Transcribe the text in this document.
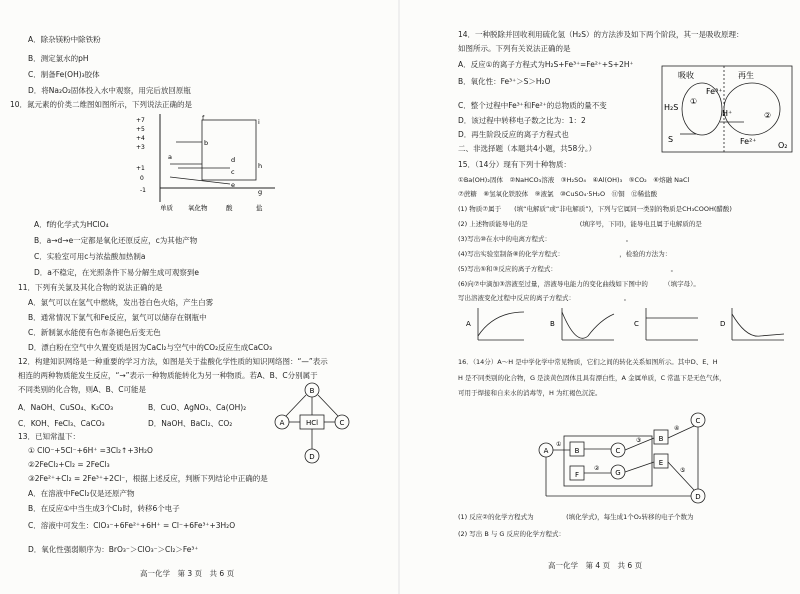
A．除杂镁粉中除铁粉
B．测定氯水的pH
C．制备Fe(OH)₃胶体
D．将Na₂O₂固体投入水中观察，用完后放回原瓶
10．氮元素的价类二维图如图所示，下列说法正确的是
+7
+5
+4
+3
+1
0
-1
f
b
a	d
c
e
h
i
g
单质 氧化物	酸	盐
A．f的化学式为HClO₄
B．a→d→e一定都是氧化还原反应，c为其他产物
C．实验室可用c与浓盐酸加热制a
D．a不稳定，在光照条件下易分解生成可观察到e
11．下列有关氯及其化合物的说法正确的是
A．氯气可以在氢气中燃烧，发出苍白色火焰，产生白雾
B．通常情况下氯气和Fe反应，氯气可以储存在钢瓶中
C．新制氯水能使有色布条褪色后变无色
D．漂白粉在空气中久置变质是因为CaCl₂与空气中的CO₂反应生成CaCO₃
12．构建知识网络是一种重要的学习方法，如图是关于盐酸化学性质的知识网络图：“—”表示
相连的两种物质能发生反应，“→”表示一种物质能转化为另一种物质。若A、B、C分别属于
不同类别的化合物，则A、B、C可能是
A．NaOH、CuSO₄、K₂CO₃	B．CuO、AgNO₃、Ca(OH)₂
C．KOH、FeCl₃、CaCO₃	D．NaOH、BaCl₂、CO₂
B
A	HCl	C
D
13．已知常温下：
① ClO⁻+5Cl⁻+6H⁺ =3Cl₂↑+3H₂O
②2FeCl₂+Cl₂ = 2FeCl₃
③2Fe²⁺+Cl₂ = 2Fe³⁺+2Cl⁻，根据上述反应，判断下列结论中正确的是
A．在溶液中FeCl₂仅是还原产物
B．在反应①中当生成3个Cl₂时，转移6个电子
C．溶液中可发生：ClO₃⁻+6Fe²⁺+6H⁺ = Cl⁻+6Fe³⁺+3H₂O
D．氧化性强弱顺序为：BrO₃⁻＞ClO₃⁻＞Cl₂＞Fe³⁺
高一化学　第 3 页　共 6 页
14．一种脱除并回收利用硫化氢（H₂S）的方法涉及如下两个阶段，其一是吸收原理：
如图所示。下列有关说法正确的是
A．反应①的离子方程式为H₂S+Fe³⁺=Fe²⁺+S+2H⁺
B．氧化性：Fe³⁺＞S＞H₂O
C．整个过程中Fe³⁺和Fe²⁺的总物质的量不变
D．该过程中转移电子数之比为：1：2
D．再生阶段反应的离子方程式也
二、非选择题（本题共4小题，共58分。）
吸收	再生
H₂S
S
Fe³⁺
Fe²⁺
H⁺
O₂
①
②
15．（14分）现有下列十种物质：
①Ba(OH)₂固体　②NaHCO₃溶液　③H₂SO₄　④Al(OH)₃　⑤CO₂　⑥熔融 NaCl
⑦蔗糖　⑧氢氧化铁胶体　⑨液氯　⑩CuSO₄·5H₂O　⑪铜　⑫稀盐酸
(1) 物质⑦属于　　(填“电解质”或“非电解质”)，下列与它属同一类别的物质是CH₃COOH(醋酸)
(2) 上述物质能导电的是　　　　　　　　(填序号，下同)，能导电且属于电解质的是　　　
(3)写出⑩在水中的电离方程式：　　　　　　　　　　　　。
(4)写出实验室制备⑧的化学方程式：　　　　　　　　　，检验的方法为：　　　　
(5)写出⑤和③反应的离子方程式：　　　　　　　　　　　　　　　　　　。
(6)向⑦中滴加③溶液至过量，溶液导电能力的变化曲线如下图中的　　　（填字母）。
写出溶液变化过程中反应的离子方程式：　　　　　　　　。
A	B	C	D
16．（14分）A～H 是中学化学中常见物质，它们之间的转化关系如图所示。其中D、E、H
H 是不同类别的化合物，G 是淡黄色固体且具有漂白性，A 金属单质，C 常温下是无色气体，
可用于焊接和自来水的消毒等，H 为红褐色沉淀。
A	B
F
C
G
B
E
C
D
①
②
③
④
⑤
(1) 反应②的化学方程式为　　　　　(填化学式)，每生成1个O₂转移的电子个数为
(2) 写出 B 与 G 反应的化学方程式：
高一化学　第 4 页　共 6 页
